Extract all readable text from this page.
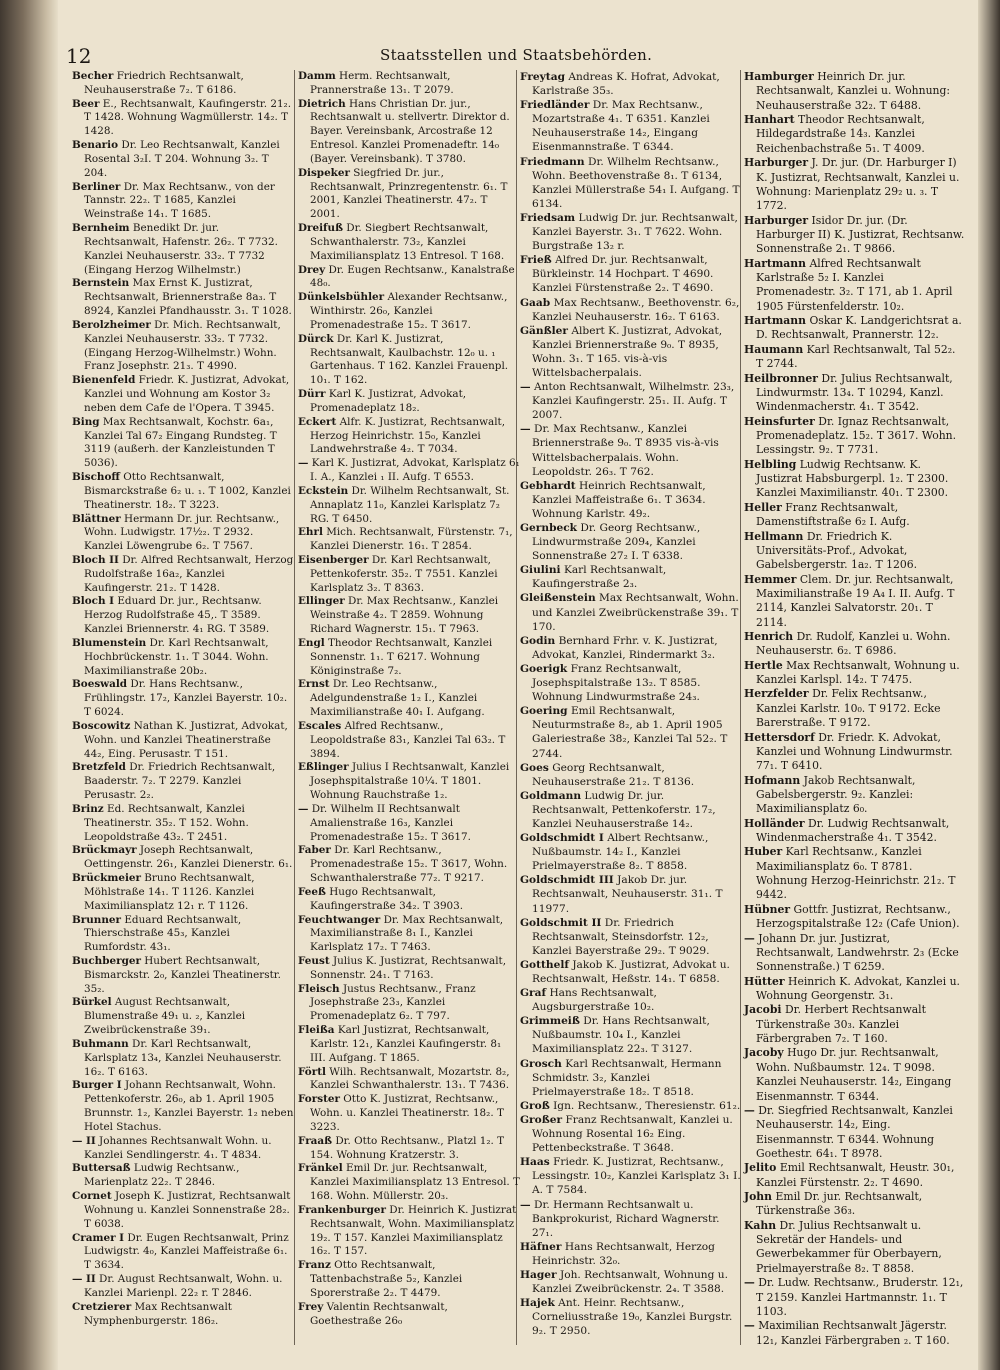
12	Staatsstellen und Staatsbehörden.

Becher Friedrich Rechtsanwalt, Neuhauserstraße 7₂. T 6186.

Beer E., Rechtsanwalt, Kaufingerstr. 21₂. T 1428. Wohnung Wagmüllerstr. 14₂. T 1428.

Benario Dr. Leo Rechtsanwalt, Kanzlei Rosental 3₂I. T 204. Wohnung 3₂. T 204.

Berliner Dr. Max Rechtsanw., von der Tannstr. 22₂. T 1685, Kanzlei Weinstraße 14₁. T 1685.

Bernheim Benedikt Dr. jur. Rechtsanwalt, Hafenstr. 26₂. T 7732. Kanzlei Neuhauserstr. 33₂. T 7732 (Eingang Herzog Wilhelmstr.)

Bernstein Max Ernst K. Justizrat, Rechtsanwalt, Briennerstraße 8a₃. T 8924, Kanzlei Pfandhausstr. 3₁. T 1028.

Berolzheimer Dr. Mich. Rechtsanwalt, Kanzlei Neuhauserstr. 33₂. T 7732. (Eingang Herzog-Wilhelmstr.) Wohn. Franz Josephstr. 21₃. T 4990.

Bienenfeld Friedr. K. Justizrat, Advokat, Kanzlei und Wohnung am Kostor 3₂ neben dem Cafe de l'Opera. T 3945.

Bing Max Rechtsanwalt, Kochstr. 6a₁, Kanzlei Tal 67₂ Eingang Rundsteg. T 3119 (außerh. der Kanzleistunden T 5036).

Bischoff Otto Rechtsanwalt, Bismarckstraße 6₂ u. ₁. T 1002, Kanzlei Theatinerstr. 18₂. T 3223.

Blättner Hermann Dr. jur. Rechtsanw., Wohn. Ludwigstr. 17½₂. T 2932. Kanzlei Löwengrube 6₂. T 7567.

Bloch II Dr. Alfred Rechtsanwalt, Herzog Rudolfstraße 16a₂, Kanzlei Kaufingerstr. 21₂. T 1428.

Bloch I Eduard Dr. jur., Rechtsanw. Herzog Rudolfstraße 45,. T 3589. Kanzlei Briennerstr. 4₁ RG. T 3589.

Blumenstein Dr. Karl Rechtsanwalt, Hochbrückenstr. 1₁. T 3044. Wohn. Maximilianstraße 20b₂.

Boeswald Dr. Hans Rechtsanw., Frühlingstr. 17₂, Kanzlei Bayerstr. 10₂. T 6024.

Boscowitz Nathan K. Justizrat, Advokat, Wohn. und Kanzlei Theatinerstraße 44₂, Eing. Perusastr. T 151.

Bretzfeld Dr. Friedrich Rechtsanwalt, Baaderstr. 7₂. T 2279. Kanzlei Perusastr. 2₂.

Brinz Ed. Rechtsanwalt, Kanzlei Theatinerstr. 35₂. T 152. Wohn. Leopoldstraße 43₂. T 2451.

Brückmayr Joseph Rechtsanwalt, Oettingenstr. 26₁, Kanzlei Dienerstr. 6₁.

Brückmeier Bruno Rechtsanwalt, Möhlstraße 14₁. T 1126. Kanzlei Maximiliansplatz 12₁ r. T 1126.

Brunner Eduard Rechtsanwalt, Thierschstraße 45₃, Kanzlei Rumfordstr. 43₁.

Buchberger Hubert Rechtsanwalt, Bismarckstr. 2₀, Kanzlei Theatinerstr. 35₂.

Bürkel August Rechtsanwalt, Blumenstraße 49₁ u. ₂, Kanzlei Zweibrückenstraße 39₁.

Buhmann Dr. Karl Rechtsanwalt, Karlsplatz 13₄, Kanzlei Neuhauserstr. 16₂. T 6163.

Burger I Johann Rechtsanwalt, Wohn. Pettenkoferstr. 26₀, ab 1. April 1905 Brunnstr. 1₂, Kanzlei Bayerstr. 1₂ neben Hotel Stachus.

— II Johannes Rechtsanwalt Wohn. u. Kanzlei Sendlingerstr. 4₁. T 4834.

Buttersaß Ludwig Rechtsanw., Marienplatz 22₂. T 2846.

Cornet Joseph K. Justizrat, Rechtsanwalt Wohnung u. Kanzlei Sonnenstraße 28₂. T 6038.

Cramer I Dr. Eugen Rechtsanwalt, Prinz Ludwigstr. 4₀, Kanzlei Maffeistraße 6₁. T 3634.

— II Dr. August Rechtsanwalt, Wohn. u. Kanzlei Marienpl. 22₂ r. T 2846.

Cretzierer Max Rechtsanwalt Nymphenburgerstr. 186₂.

Damm Herm. Rechtsanwalt, Prannerstraße 13₁. T 2079.

Dietrich Hans Christian Dr. jur., Rechtsanwalt u. stellvertr. Direktor d. Bayer. Vereinsbank, Arcostraße 12 Entresol. Kanzlei Promenadeftr. 14₀ (Bayer. Vereinsbank). T 3780.

Dispeker Siegfried Dr. jur., Rechtsanwalt, Prinzregentenstr. 6₁. T 2001, Kanzlei Theatinerstr. 47₂. T 2001.

Dreifuß Dr. Siegbert Rechtsanwalt, Schwanthalerstr. 73₂, Kanzlei Maximiliansplatz 13 Entresol. T 168.

Drey Dr. Eugen Rechtsanw., Kanalstraße 48₀.

Dünkelsbühler Alexander Rechtsanw., Winthirstr. 26₀, Kanzlei Promenadestraße 15₂. T 3617.

Dürck Dr. Karl K. Justizrat, Rechtsanwalt, Kaulbachstr. 12₀ u. ₁ Gartenhaus. T 162. Kanzlei Frauenpl. 10₁. T 162.

Dürr Karl K. Justizrat, Advokat, Promenadeplatz 18₂.

Eckert Alfr. K. Justizrat, Rechtsanwalt, Herzog Heinrichstr. 15₀, Kanzlei Landwehrstraße 4₂. T 7034.

— Karl K. Justizrat, Advokat, Karlsplatz 6₁ I. A., Kanzlei ₁ II. Aufg. T 6553.

Eckstein Dr. Wilhelm Rechtsanwalt, St. Annaplatz 11₀, Kanzlei Karlsplatz 7₂ RG. T 6450.

Ehrl Mich. Rechtsanwalt, Fürstenstr. 7₁, Kanzlei Dienerstr. 16₁. T 2854.

Eisenberger Dr. Karl Rechtsanwalt, Pettenkoferstr. 35₂. T 7551. Kanzlei Karlsplatz 3₂. T 8363.

Ellinger Dr. Max Rechtsanw., Kanzlei Weinstraße 4₂. T 2859. Wohnung Richard Wagnerstr. 15₁. T 7963.

Engl Theodor Rechtsanwalt, Kanzlei Sonnenstr. 1₁. T 6217. Wohnung Königinstraße 7₂.

Ernst Dr. Leo Rechtsanw., Adelgundenstraße 1₂ I., Kanzlei Maximilianstraße 40₁ I. Aufgang.

Escales Alfred Rechtsanw., Leopoldstraße 83₁, Kanzlei Tal 63₂. T 3894.

Eßlinger Julius I Rechtsanwalt, Kanzlei Josephspitalstraße 10¼. T 1801. Wohnung Rauchstraße 1₂.

— Dr. Wilhelm II Rechtsanwalt Amalienstraße 16₃, Kanzlei Promenadestraße 15₂. T 3617.

Faber Dr. Karl Rechtsanw., Promenadestraße 15₂. T 3617, Wohn. Schwanthalerstraße 77₂. T 9217.

Feeß Hugo Rechtsanwalt, Kaufingerstraße 34₂. T 3903.

Feuchtwanger Dr. Max Rechtsanwalt, Maximilianstraße 8₁ I., Kanzlei Karlsplatz 17₂. T 7463.

Feust Julius K. Justizrat, Rechtsanwalt, Sonnenstr. 24₁. T 7163.

Fleisch Justus Rechtsanw., Franz Josephstraße 23₃, Kanzlei Promenadeplatz 6₂. T 797.

Fleißa Karl Justizrat, Rechtsanwalt, Karlstr. 12₁, Kanzlei Kaufingerstr. 8₁ III. Aufgang. T 1865.

Förtl Wilh. Rechtsanwalt, Mozartstr. 8₂, Kanzlei Schwanthalerstr. 13₁. T 7436.

Forster Otto K. Justizrat, Rechtsanw., Wohn. u. Kanzlei Theatinerstr. 18₂. T 3223.

Fraaß Dr. Otto Rechtsanw., Platzl 1₂. T 154. Wohnung Kratzerstr. 3.

Fränkel Emil Dr. jur. Rechtsanwalt, Kanzlei Maximiliansplatz 13 Entresol. T 168. Wohn. Müllerstr. 20₃.

Frankenburger Dr. Heinrich K. Justizrat Rechtsanwalt, Wohn. Maximiliansplatz 19₂. T 157. Kanzlei Maximiliansplatz 16₂. T 157.

Franz Otto Rechtsanwalt, Tattenbachstraße 5₂, Kanzlei Sporerstraße 2₂. T 4479.

Frey Valentin Rechtsanwalt, Goethestraße 26₀

Freytag Andreas K. Hofrat, Advokat, Karlstraße 35₃.

Friedländer Dr. Max Rechtsanw., Mozartstraße 4₁. T 6351. Kanzlei Neuhauserstraße 14₂, Eingang Eisenmannstraße. T 6344.

Friedmann Dr. Wilhelm Rechtsanw., Wohn. Beethovenstraße 8₁. T 6134, Kanzlei Müllerstraße 54₁ I. Aufgang. T 6134.

Friedsam Ludwig Dr. jur. Rechtsanwalt, Kanzlei Bayerstr. 3₁. T 7622. Wohn. Burgstraße 13₂ r.

Frieß Alfred Dr. jur. Rechtsanwalt, Bürkleinstr. 14 Hochpart. T 4690. Kanzlei Fürstenstraße 2₂. T 4690.

Gaab Max Rechtsanw., Beethovenstr. 6₂, Kanzlei Neuhauserstr. 16₂. T 6163.

Gänßler Albert K. Justizrat, Advokat, Kanzlei Briennerstraße 9₀. T 8935, Wohn. 3₁. T 165. vis-à-vis Wittelsbacherpalais.

— Anton Rechtsanwalt, Wilhelmstr. 23₃, Kanzlei Kaufingerstr. 25₁. II. Aufg. T 2007.

— Dr. Max Rechtsanw., Kanzlei Briennerstraße 9₀. T 8935 vis-à-vis Wittelsbacherpalais. Wohn. Leopoldstr. 26₃. T 762.

Gebhardt Heinrich Rechtsanwalt, Kanzlei Maffeistraße 6₁. T 3634. Wohnung Karlstr. 49₂.

Gernbeck Dr. Georg Rechtsanw., Lindwurmstraße 209₄, Kanzlei Sonnenstraße 27₂ I. T 6338.

Giulini Karl Rechtsanwalt, Kaufingerstraße 2₃.

Gleißenstein Max Rechtsanwalt, Wohn. und Kanzlei Zweibrückenstraße 39₁. T 170.

Godin Bernhard Frhr. v. K. Justizrat, Advokat, Kanzlei, Rindermarkt 3₂.

Goerigk Franz Rechtsanwalt, Josephspitalstraße 13₂. T 8585. Wohnung Lindwurmstraße 24₃.

Goering Emil Rechtsanwalt, Neuturmstraße 8₂, ab 1. April 1905 Galeriestraße 38₂, Kanzlei Tal 52₂. T 2744.

Goes Georg Rechtsanwalt, Neuhauserstraße 21₂. T 8136.

Goldmann Ludwig Dr. jur. Rechtsanwalt, Pettenkoferstr. 17₂, Kanzlei Neuhauserstraße 14₂.

Goldschmidt I Albert Rechtsanw., Nußbaumstr. 14₂ I., Kanzlei Prielmayerstraße 8₂. T 8858.

Goldschmidt III Jakob Dr. jur. Rechtsanwalt, Neuhauserstr. 31₁. T 11977.

Goldschmit II Dr. Friedrich Rechtsanwalt, Steinsdorfstr. 12₂, Kanzlei Bayerstraße 29₂. T 9029.

Gotthelf Jakob K. Justizrat, Advokat u. Rechtsanwalt, Heßstr. 14₁. T 6858.

Graf Hans Rechtsanwalt, Augsburgerstraße 10₂.

Grimmeiß Dr. Hans Rechtsanwalt, Nußbaumstr. 10₄ I., Kanzlei Maximiliansplatz 22₃. T 3127.

Grosch Karl Rechtsanwalt, Hermann Schmidstr. 3₂, Kanzlei Prielmayerstraße 18₂. T 8518.

Groß Ign. Rechtsanw., Theresienstr. 61₂.

Großer Franz Rechtsanwalt, Kanzlei u. Wohnung Rosental 16₂ Eing. Pettenbeckstraße. T 3648.

Haas Friedr. K. Justizrat, Rechtsanw., Lessingstr. 10₂, Kanzlei Karlsplatz 3₁ I. A. T 7584.

— Dr. Hermann Rechtsanwalt u. Bankprokurist, Richard Wagnerstr. 27₁.

Häfner Hans Rechtsanwalt, Herzog Heinrichstr. 32₀.

Hager Joh. Rechtsanwalt, Wohnung u. Kanzlei Zweibrückenstr. 2₄. T 3588.

Hajek Ant. Heinr. Rechtsanw., Corneliusstraße 19₀, Kanzlei Burgstr. 9₂. T 2950.

Hamburger Heinrich Dr. jur. Rechtsanwalt, Kanzlei u. Wohnung: Neuhauserstraße 32₂. T 6488.

Hanhart Theodor Rechtsanwalt, Hildegardstraße 14₃. Kanzlei Reichenbachstraße 5₁. T 4009.

Harburger J. Dr. jur. (Dr. Harburger I) K. Justizrat, Rechtsanwalt, Kanzlei u. Wohnung: Marienplatz 29₂ u. ₃. T 1772.

Harburger Isidor Dr. jur. (Dr. Harburger II) K. Justizrat, Rechtsanw. Sonnenstraße 2₁. T 9866.

Hartmann Alfred Rechtsanwalt Karlstraße 5₂ I. Kanzlei Promenadestr. 3₂. T 171, ab 1. April 1905 Fürstenfelderstr. 10₂.

Hartmann Oskar K. Landgerichtsrat a. D. Rechtsanwalt, Prannerstr. 12₂.

Haumann Karl Rechtsanwalt, Tal 52₂. T 2744.

Heilbronner Dr. Julius Rechtsanwalt, Lindwurmstr. 13₄. T 10294, Kanzl. Windenmacherstr. 4₁. T 3542.

Heinsfurter Dr. Ignaz Rechtsanwalt, Promenadeplatz. 15₂. T 3617. Wohn. Lessingstr. 9₂. T 7731.

Helbling Ludwig Rechtsanw. K. Justizrat Habsburgerpl. 1₂. T 2300. Kanzlei Maximilianstr. 40₁. T 2300.

Heller Franz Rechtsanwalt, Damenstiftstraße 6₂ I. Aufg.

Hellmann Dr. Friedrich K. Universitäts-Prof., Advokat, Gabelsbergerstr. 1a₂. T 1206.

Hemmer Clem. Dr. jur. Rechtsanwalt, Maximilianstraße 19 A₄ I. II. Aufg. T 2114, Kanzlei Salvatorstr. 20₁. T 2114.

Henrich Dr. Rudolf, Kanzlei u. Wohn. Neuhauserstr. 6₂. T 6986.

Hertle Max Rechtsanwalt, Wohnung u. Kanzlei Karlspl. 14₂. T 7475.

Herzfelder Dr. Felix Rechtsanw., Kanzlei Karlstr. 10₀. T 9172. Ecke Barerstraße. T 9172.

Hettersdorf Dr. Friedr. K. Advokat, Kanzlei und Wohnung Lindwurmstr. 77₁. T 6410.

Hofmann Jakob Rechtsanwalt, Gabelsbergerstr. 9₂. Kanzlei: Maximiliansplatz 6₀.

Holländer Dr. Ludwig Rechtsanwalt, Windenmacherstraße 4₁. T 3542.

Huber Karl Rechtsanw., Kanzlei Maximiliansplatz 6₀. T 8781. Wohnung Herzog-Heinrichstr. 21₂. T 9442.

Hübner Gottfr. Justizrat, Rechtsanw., Herzogspitalstraße 12₂ (Cafe Union).

— Johann Dr. jur. Justizrat, Rechtsanwalt, Landwehrstr. 2₃ (Ecke Sonnenstraße.) T 6259.

Hütter Heinrich K. Advokat, Kanzlei u. Wohnung Georgenstr. 3₁.

Jacobi Dr. Herbert Rechtsanwalt Türkenstraße 30₃. Kanzlei Färbergraben 7₂. T 160.

Jacoby Hugo Dr. jur. Rechtsanwalt, Wohn. Nußbaumstr. 12₄. T 9098. Kanzlei Neuhauserstr. 14₂, Eingang Eisenmannstr. T 6344.

— Dr. Siegfried Rechtsanwalt, Kanzlei Neuhauserstr. 14₂, Eing. Eisenmannstr. T 6344. Wohnung Goethestr. 64₁. T 8978.

Jelito Emil Rechtsanwalt, Heustr. 30₁, Kanzlei Fürstenstr. 2₂. T 4690.

John Emil Dr. jur. Rechtsanwalt, Türkenstraße 36₃.

Kahn Dr. Julius Rechtsanwalt u. Sekretär der Handels- und Gewerbekammer für Oberbayern, Prielmayerstraße 8₂. T 8858.

— Dr. Ludw. Rechtsanw., Bruderstr. 12₁, T 2159. Kanzlei Hartmannstr. 1₁. T 1103.

— Maximilian Rechtsanwalt Jägerstr. 12₁, Kanzlei Färbergraben ₂. T 160.
